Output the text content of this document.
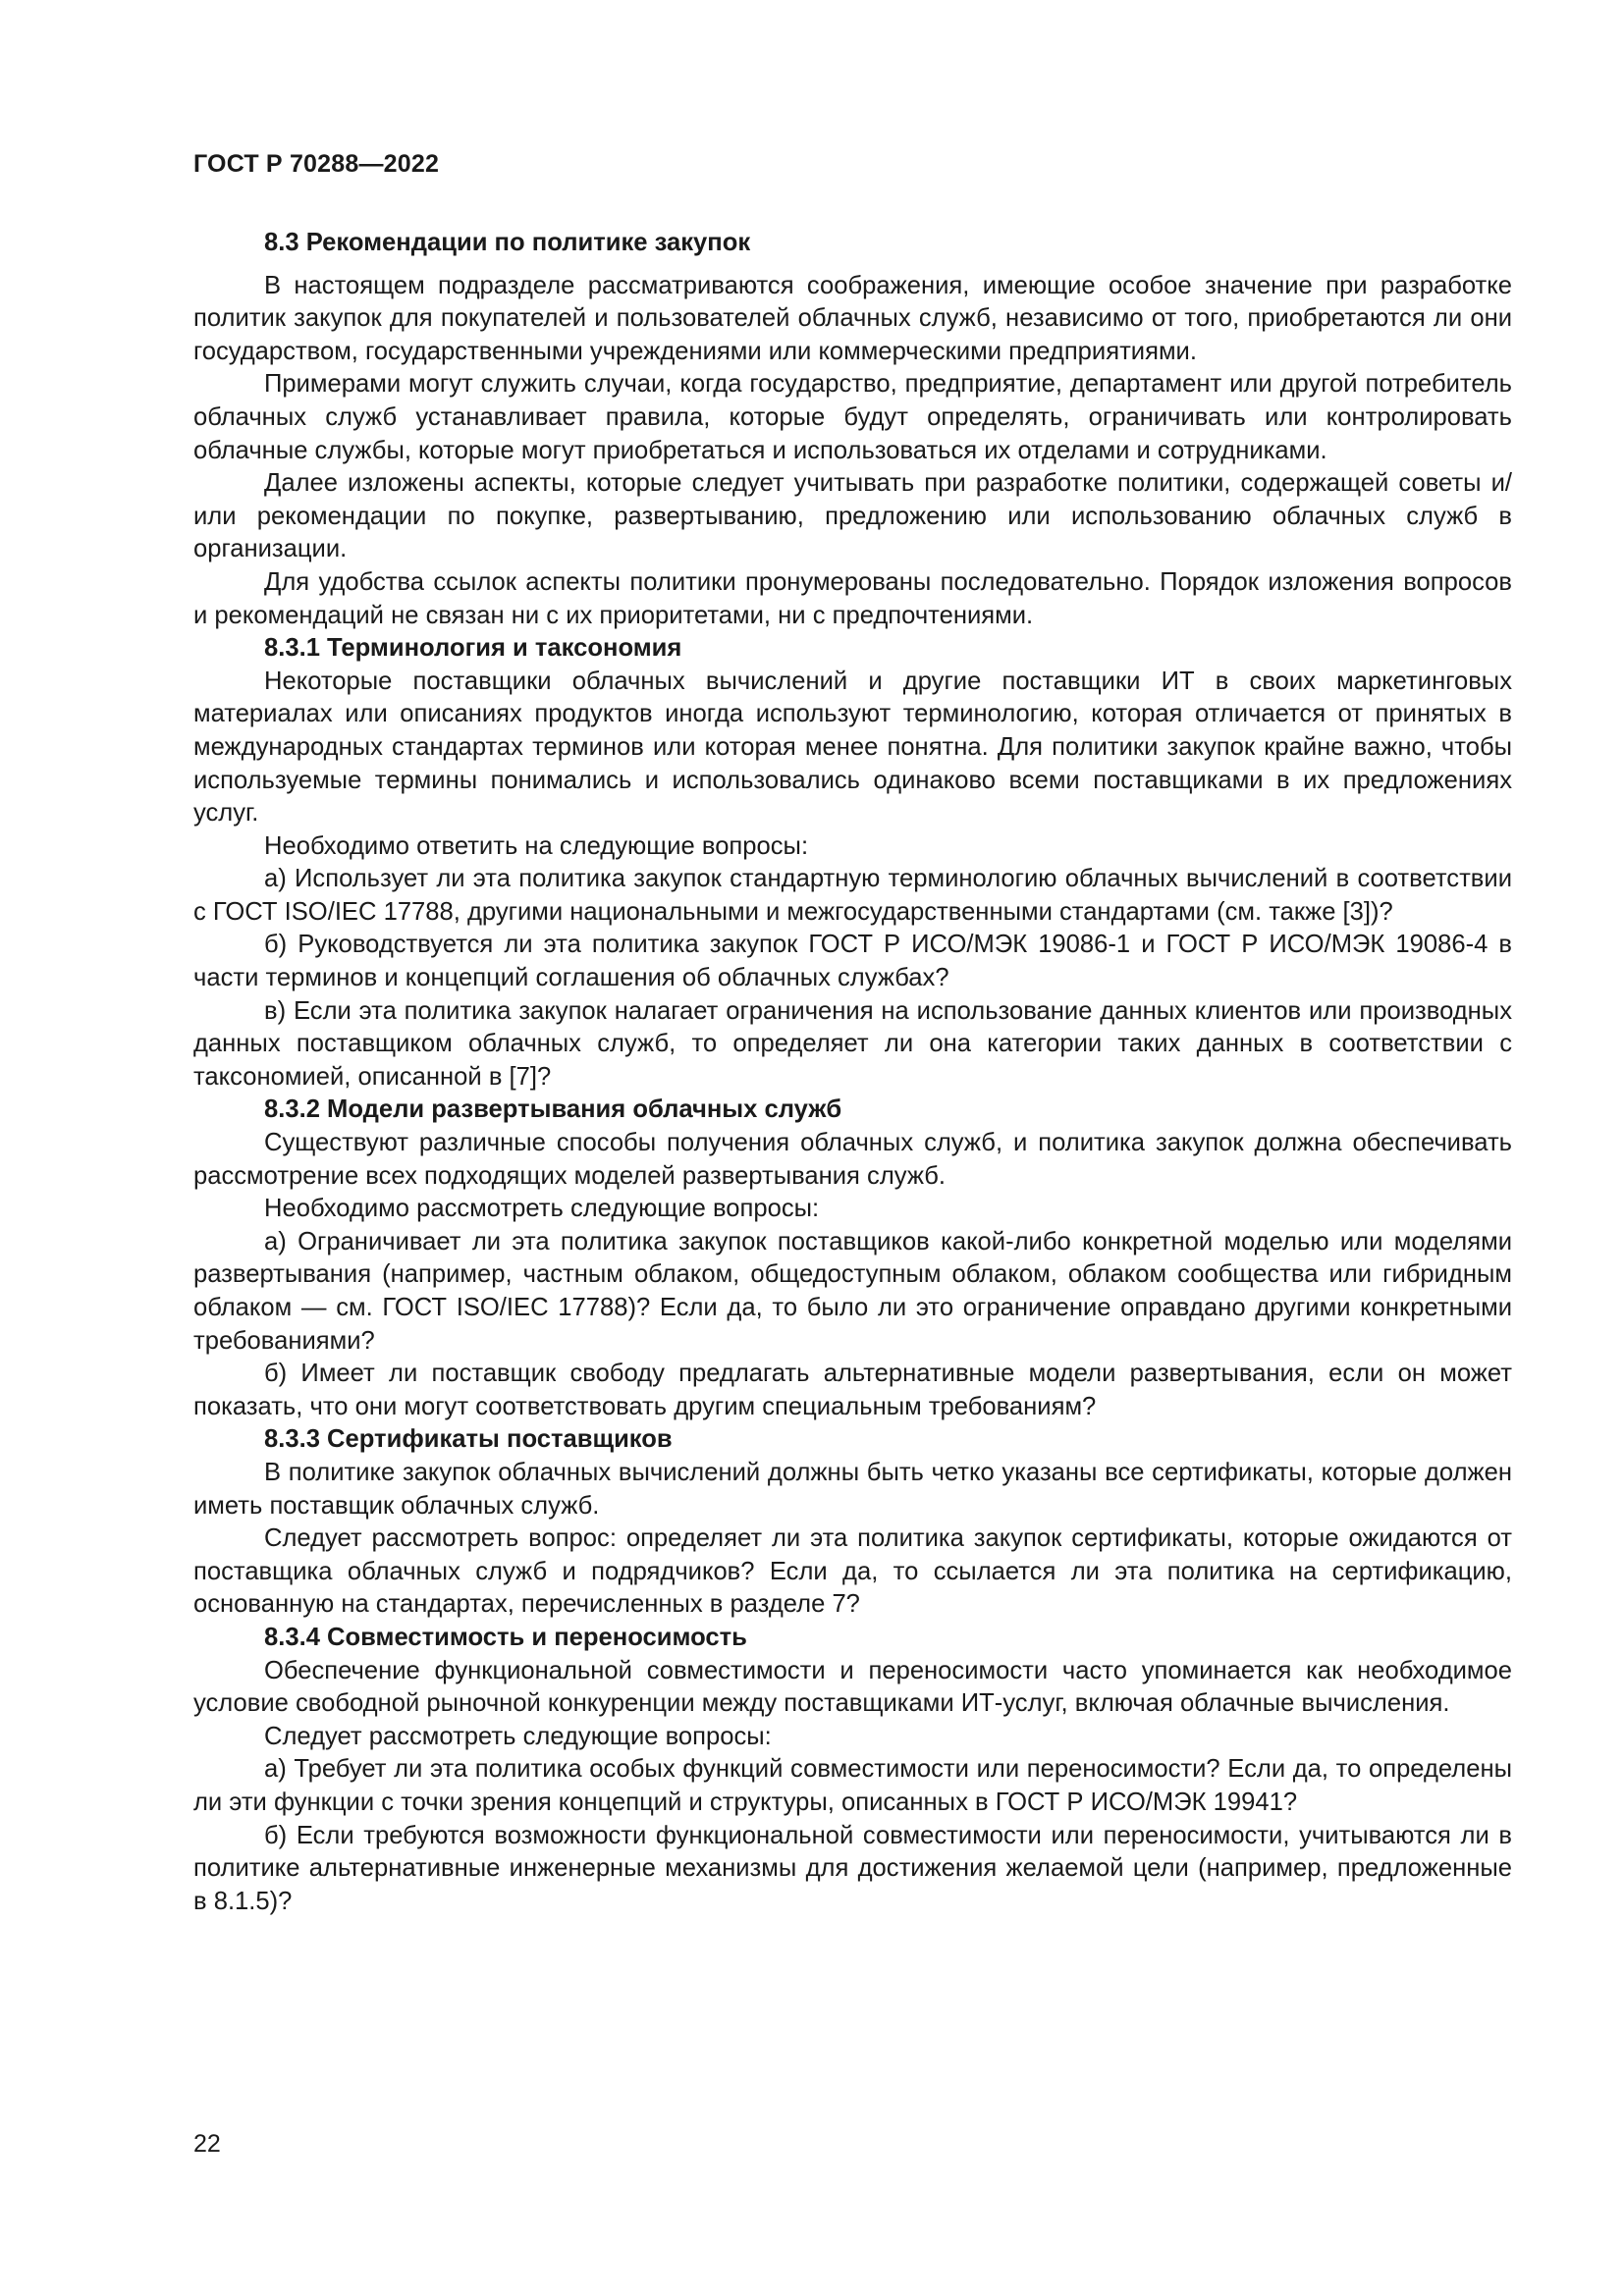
ГОСТ Р 70288—2022
8.3 Рекомендации по политике закупок

В настоящем подразделе рассматриваются соображения, имеющие особое значение при разработке политик закупок для покупателей и пользователей облачных служб, независимо от того, приобретаются ли они государством, государственными учреждениями или коммерческими предприятиями.

Примерами могут служить случаи, когда государство, предприятие, департамент или другой потребитель облачных служб устанавливает правила, которые будут определять, ограничивать или контролировать облачные службы, которые могут приобретаться и использоваться их отделами и сотрудниками.

Далее изложены аспекты, которые следует учитывать при разработке политики, содержащей советы и/или рекомендации по покупке, развертыванию, предложению или использованию облачных служб в организации.

Для удобства ссылок аспекты политики пронумерованы последовательно. Порядок изложения вопросов и рекомендаций не связан ни с их приоритетами, ни с предпочтениями.

8.3.1 Терминология и таксономия

Некоторые поставщики облачных вычислений и другие поставщики ИТ в своих маркетинговых материалах или описаниях продуктов иногда используют терминологию, которая отличается от принятых в международных стандартах терминов или которая менее понятна. Для политики закупок крайне важно, чтобы используемые термины понимались и использовались одинаково всеми поставщиками в их предложениях услуг.

Необходимо ответить на следующие вопросы:

а) Использует ли эта политика закупок стандартную терминологию облачных вычислений в соответствии с ГОСТ ISO/IEC 17788, другими национальными и межгосударственными стандартами (см. также [3])?

б) Руководствуется ли эта политика закупок ГОСТ Р ИСО/МЭК 19086-1 и ГОСТ Р ИСО/МЭК 19086-4 в части терминов и концепций соглашения об облачных службах?

в) Если эта политика закупок налагает ограничения на использование данных клиентов или производных данных поставщиком облачных служб, то определяет ли она категории таких данных в соответствии с таксономией, описанной в [7]?

8.3.2 Модели развертывания облачных служб

Существуют различные способы получения облачных служб, и политика закупок должна обеспечивать рассмотрение всех подходящих моделей развертывания служб.

Необходимо рассмотреть следующие вопросы:

а) Ограничивает ли эта политика закупок поставщиков какой-либо конкретной моделью или моделями развертывания (например, частным облаком, общедоступным облаком, облаком сообщества или гибридным облаком — см. ГОСТ ISO/IEC 17788)? Если да, то было ли это ограничение оправдано другими конкретными требованиями?

б) Имеет ли поставщик свободу предлагать альтернативные модели развертывания, если он может показать, что они могут соответствовать другим специальным требованиям?

8.3.3 Сертификаты поставщиков

В политике закупок облачных вычислений должны быть четко указаны все сертификаты, которые должен иметь поставщик облачных служб.

Следует рассмотреть вопрос: определяет ли эта политика закупок сертификаты, которые ожидаются от поставщика облачных служб и подрядчиков? Если да, то ссылается ли эта политика на сертификацию, основанную на стандартах, перечисленных в разделе 7?

8.3.4 Совместимость и переносимость

Обеспечение функциональной совместимости и переносимости часто упоминается как необходимое условие свободной рыночной конкуренции между поставщиками ИТ-услуг, включая облачные вычисления.

Следует рассмотреть следующие вопросы:

а) Требует ли эта политика особых функций совместимости или переносимости? Если да, то определены ли эти функции с точки зрения концепций и структуры, описанных в ГОСТ Р ИСО/МЭК 19941?

б) Если требуются возможности функциональной совместимости или переносимости, учитываются ли в политике альтернативные инженерные механизмы для достижения желаемой цели (например, предложенные в 8.1.5)?

22
